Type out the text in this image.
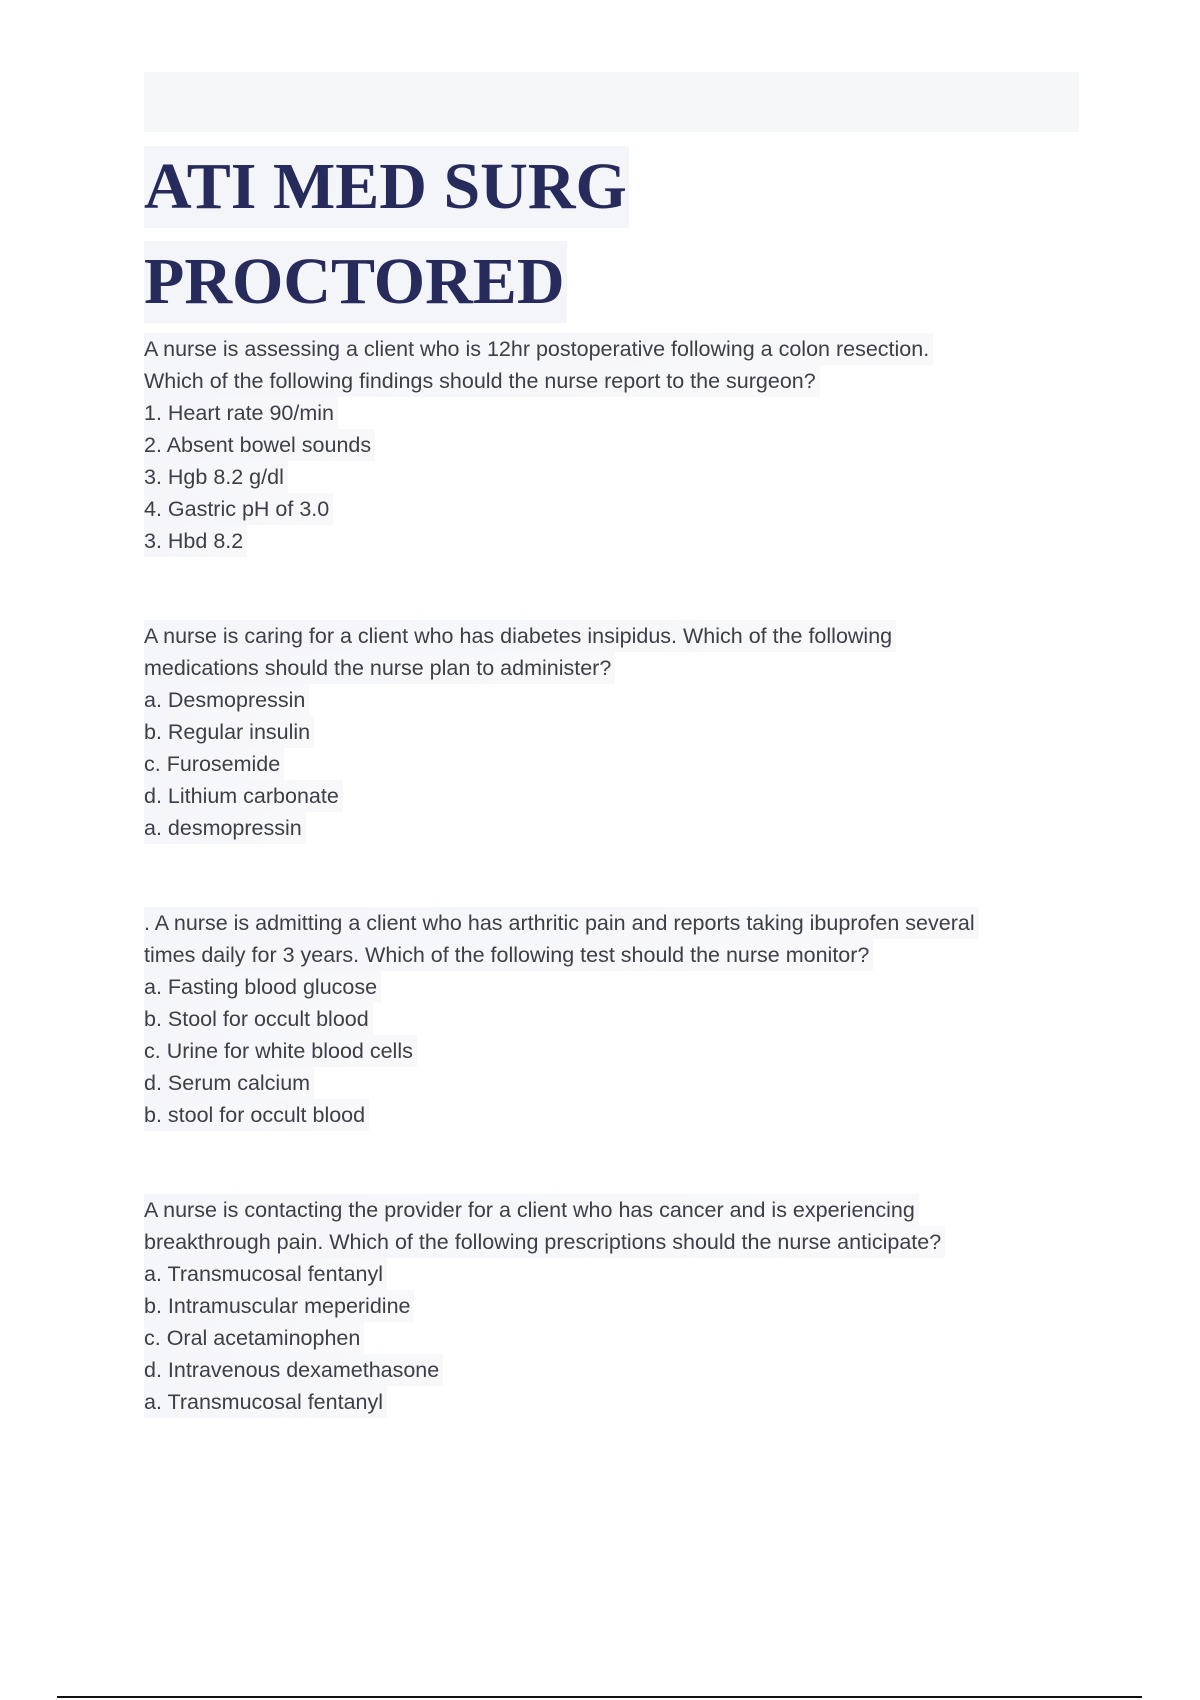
ATI MED SURG
PROCTORED
A nurse is assessing a client who is 12hr postoperative following a colon resection.
Which of the following findings should the nurse report to the surgeon?
1. Heart rate 90/min
2. Absent bowel sounds
3. Hgb 8.2 g/dl
4. Gastric pH of 3.0
3. Hbd 8.2
A nurse is caring for a client who has diabetes insipidus. Which of the following
medications should the nurse plan to administer?
a. Desmopressin
b. Regular insulin
c. Furosemide
d. Lithium carbonate
a. desmopressin
. A nurse is admitting a client who has arthritic pain and reports taking ibuprofen several
times daily for 3 years. Which of the following test should the nurse monitor?
a. Fasting blood glucose
b. Stool for occult blood
c. Urine for white blood cells
d. Serum calcium
b. stool for occult blood
A nurse is contacting the provider for a client who has cancer and is experiencing
breakthrough pain. Which of the following prescriptions should the nurse anticipate?
a. Transmucosal fentanyl
b. Intramuscular meperidine
c. Oral acetaminophen
d. Intravenous dexamethasone
a. Transmucosal fentanyl
